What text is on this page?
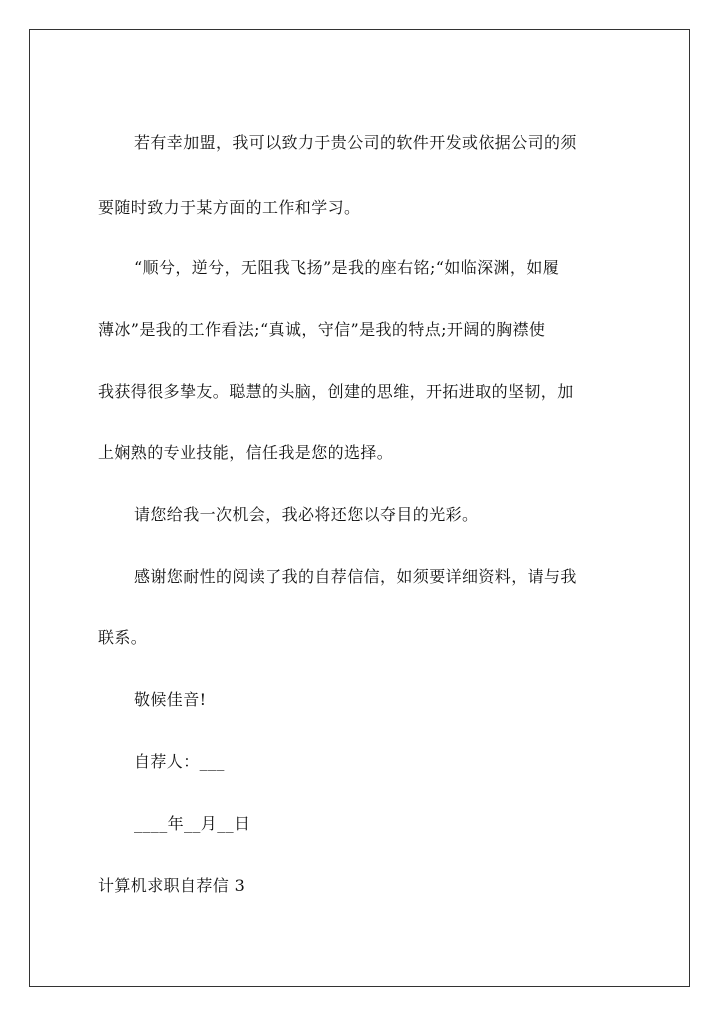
若有幸加盟，我可以致力于贵公司的软件开发或依据公司的须
要随时致力于某方面的工作和学习。
“顺兮，逆兮，无阻我飞扬”是我的座右铭;“如临深渊，如履
薄冰”是我的工作看法;“真诚，守信”是我的特点;开阔的胸襟使
我获得很多挚友。聪慧的头脑，创建的思维，开拓进取的坚韧，加
上娴熟的专业技能，信任我是您的选择。
请您给我一次机会，我必将还您以夺目的光彩。
感谢您耐性的阅读了我的自荐信信，如须要详细资料，请与我
联系。
敬候佳音!
自荐人：___
____年__月__日
计算机求职自荐信 3
